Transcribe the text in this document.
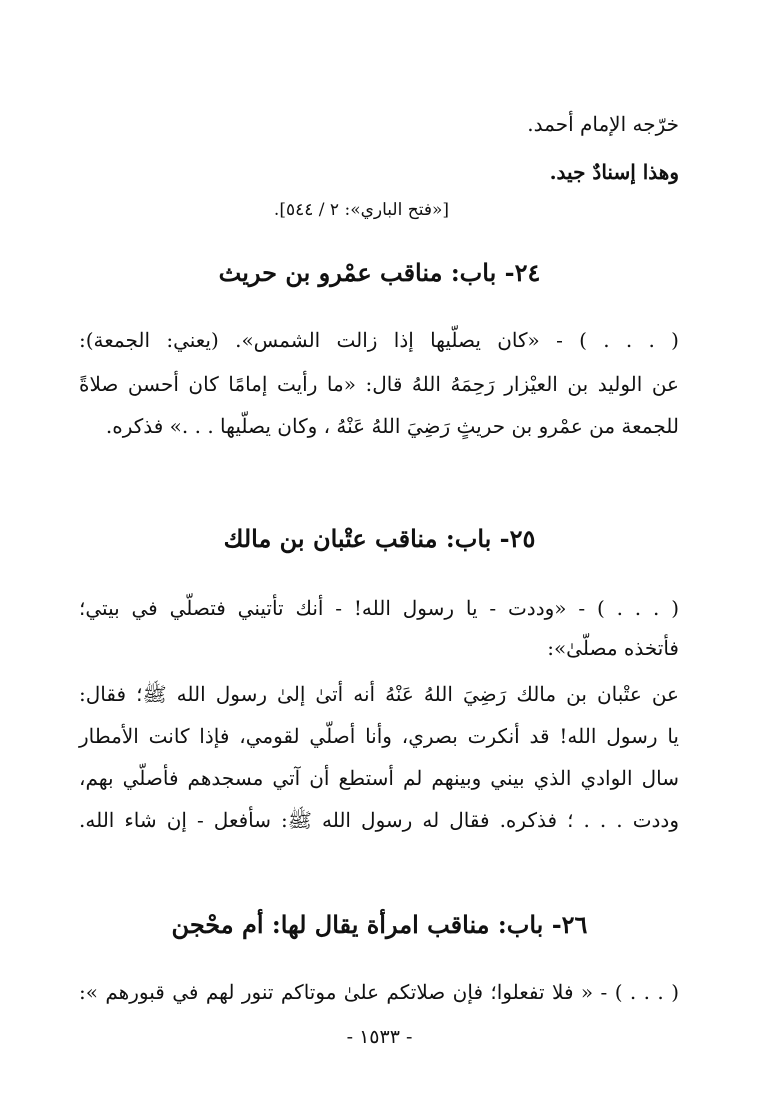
خرّجه الإمام أحمد.
وهذا إسنادٌ جيد.
[«فتح الباري»: ٢ / ٥٤٤].
٢٤- باب: مناقب عمْرو بن حريث
( . . . ) - «كان يصلّيها إذا زالت الشمس». (يعني: الجمعة):
عن الوليد بن العيْزار رَحِمَهُ اللهُ قال: «ما رأيت إمامًا كان أحسن صلاةً
للجمعة من عمْرو بن حريثٍ رَضِيَ اللهُ عَنْهُ ، وكان يصلّيها . . .» فذكره.
٢٥- باب: مناقب عتْبان بن مالك
( . . . ) - «وددت - يا رسول الله! - أنك تأتيني فتصلّي في بيتي؛
فأتخذه مصلّىٰ»:
عن عتْبان بن مالك رَضِيَ اللهُ عَنْهُ أنه أتىٰ إلىٰ رسول الله ﷺ؛ فقال:
يا رسول الله! قد أنكرت بصري، وأنا أصلّي لقومي، فإذا كانت الأمطار
سال الوادي الذي بيني وبينهم لم أستطع أن آتي مسجدهم فأصلّي بهم،
وددت . . . ؛ فذكره. فقال له رسول الله ﷺ: سأفعل - إن شاء الله.
٢٦- باب: مناقب امرأة يقال لها: أم محْجن
( . . . ) - « فلا تفعلوا؛ فإن صلاتكم علىٰ موتاكم تنور لهم في قبورهم »:
- ١٥٣٣ -
